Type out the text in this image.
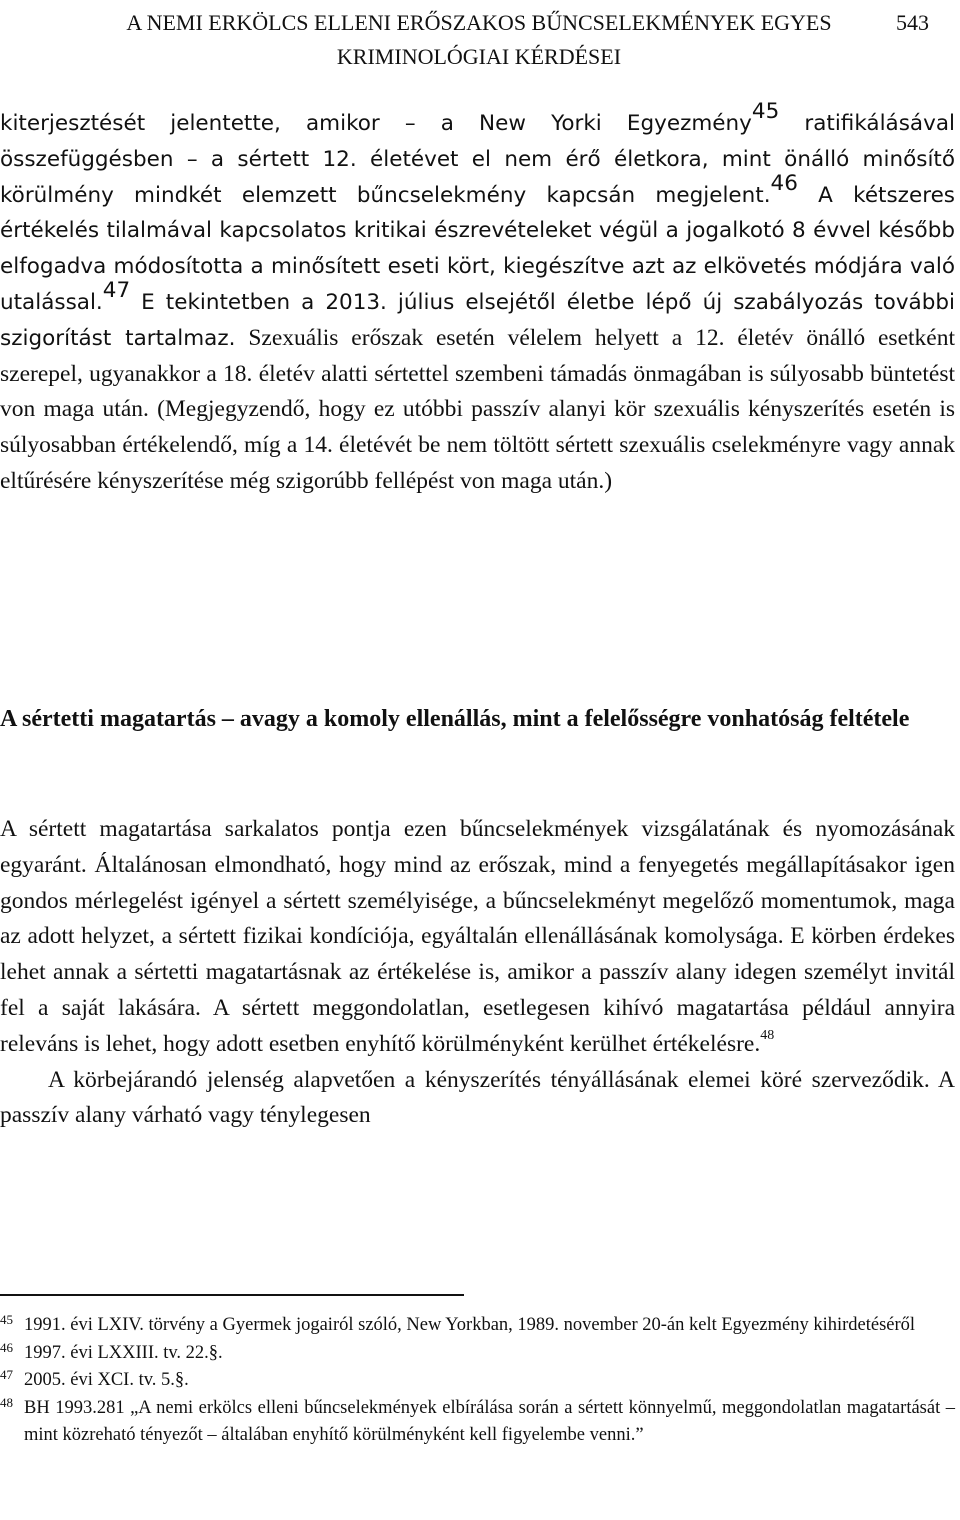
A NEMI ERKÖLCS ELLENI ERŐSZAKOS BŰNCSELEKMÉNYEK EGYES KRIMINOLÓGIAI KÉRDÉSEI
543

kiterjesztését jelentette, amikor – a New Yorki Egyezmény$^{45}$ ratifikálásával összefüggésben – a sértett 12. életévet el nem érő életkora, mint önálló minősítő körülmény mindkét elemzett bűncselekmény kapcsán megjelent.$^{46}$ A kétszeres értékelés tilalmával kapcsolatos kritikai észrevételeket végül a jogalkotó 8 évvel később elfogadva módosította a minősített eseti kört, kiegészítve azt az elkövetés módjára való utalással.$^{47}$ E tekintetben a 2013. július elsejétől életbe lépő új szabályozás további szigorítást tartalmaz. Szexuális erőszak esetén vélelem helyett a 12. életév önálló esetként szerepel, ugyanakkor a 18. életév alatti sértettel szembeni támadás önmagában is súlyosabb büntetést von maga után. (Megjegyzendő, hogy ez utóbbi passzív alanyi kör szexuális kényszerítés esetén is súlyosabban értékelendő, míg a 14. életévét be nem töltött sértett szexuális cselekményre vagy annak eltűrésére kényszerítése még szigorúbb fellépést von maga után.)

A sértetti magatartás – avagy a komoly ellenállás, mint a felelősségre vonhatóság feltétele

A sértett magatartása sarkalatos pontja ezen bűncselekmények vizsgálatának és nyomozásának egyaránt. Általánosan elmondható, hogy mind az erőszak, mind a fenyegetés megállapításakor igen gondos mérlegelést igényel a sértett személyisége, a bűncselekményt megelőző momentumok, maga az adott helyzet, a sértett fizikai kondíciója, egyáltalán ellenállásának komolysága. E körben érdekes lehet annak a sértetti magatartásnak az értékelése is, amikor a passzív alany idegen személyt invitál fel a saját lakására. A sértett meggondolatlan, esetlegesen kihívó magatartása például annyira releváns is lehet, hogy adott esetben enyhítő körülményként kerülhet értékelésre.$^{48}$

A körbejárandó jelenség alapvetően a kényszerítés tényállásának elemei köré szerveződik. A passzív alany várható vagy ténylegesen

45 1991. évi LXIV. törvény a Gyermek jogairól szóló, New Yorkban, 1989. november 20-án kelt Egyezmény kihirdetéséről
46 1997. évi LXXIII. tv. 22.§.
47 2005. évi XCI. tv. 5.§.
48 BH 1993.281 „A nemi erkölcs elleni bűncselekmények elbírálása során a sértett könnyelmű, meggondolatlan magatartását – mint közreható tényezőt – általában enyhítő körülményként kell figyelembe venni.”
